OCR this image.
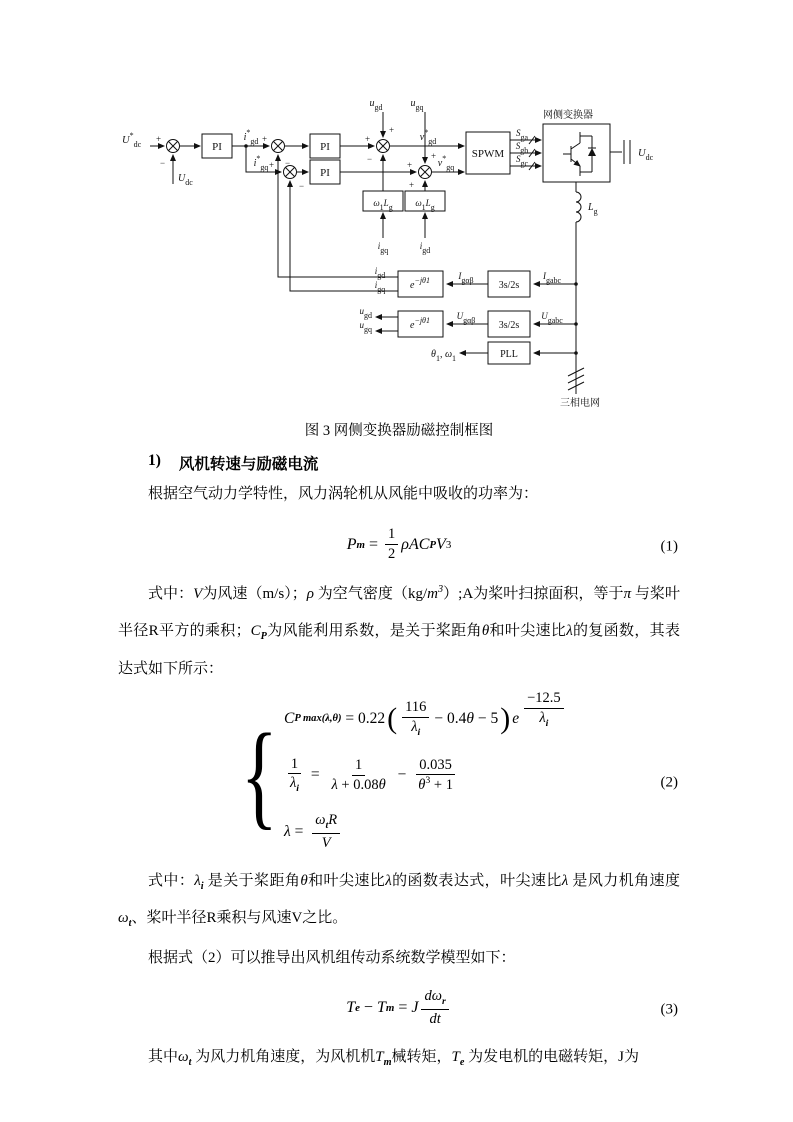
$U^*_{dc}$
+
−
$U_{dc}$
PI
$i^*_{gd}$
$i^*_{gq}$
+
−
+
−
PI
PI
$u_{gd}$	$u_{gq}$
+
+
−
+
+
+
$v^*_{gd}$
$v^*_{gq}$
SPWM
Sga
Sgb
Sgc
网侧变换器
$U_{dc}$
$L_g$
ω1Lg	ω1Lg
igq	igd
$e^{-j\theta 1}$	3s/2s
Igαβ	Igabc
igd
igq
$e^{-j\theta 1}$	3s/2s
Ugαβ	Ugabc
ugd
ugq
PLL
$\theta_1$, $\omega_1$
三相电网
图 3 网侧变换器励磁控制框图
1) 风机转速与励磁电流

根据空气动力学特性，风力涡轮机从风能中吸收的功率为：

P $m = \frac{1}{2}$ ρAC P V 3	(1)

式中：V为风速（m/s）；ρ 为空气密度$(kg/m^3);A$为桨叶扫掠面积，等于π 与桨叶半径R平方的乘积；$C_P$为风能利用系数，是关于桨距角θ和叶尖速比λ的复函数，其表达式如下所示：

{ C P max(λ,θ) = 0.22 ( $\frac{116}{\lambda_i} - 0.4$ θ − 5 ) e $\frac{-12.5}{\lambda_i}$
$\frac{1}{\lambda_i} = \frac{1}{\lambda + 0.08\theta} - \frac{0.035}{\theta^3 + 1}$
$\lambda = \frac{\omega_tR}{V}$
(2)

式中：$\lambda_i$ 是关于桨距角θ和叶尖速比λ的函数表达式，叶尖速比λ 是风力机角速度$\omega_t$、桨叶半径R乘积与风速V之比。

根据式（2）可以推导出风机组传动系统数学模型如下：

T e − T m = J $\frac{d\omega_r}{dt}$	(3)

其中$\omega_t$ 为风力机角速度，为风机机$T_m$械转矩，$T_e$ 为发电机的电磁转矩，J为
